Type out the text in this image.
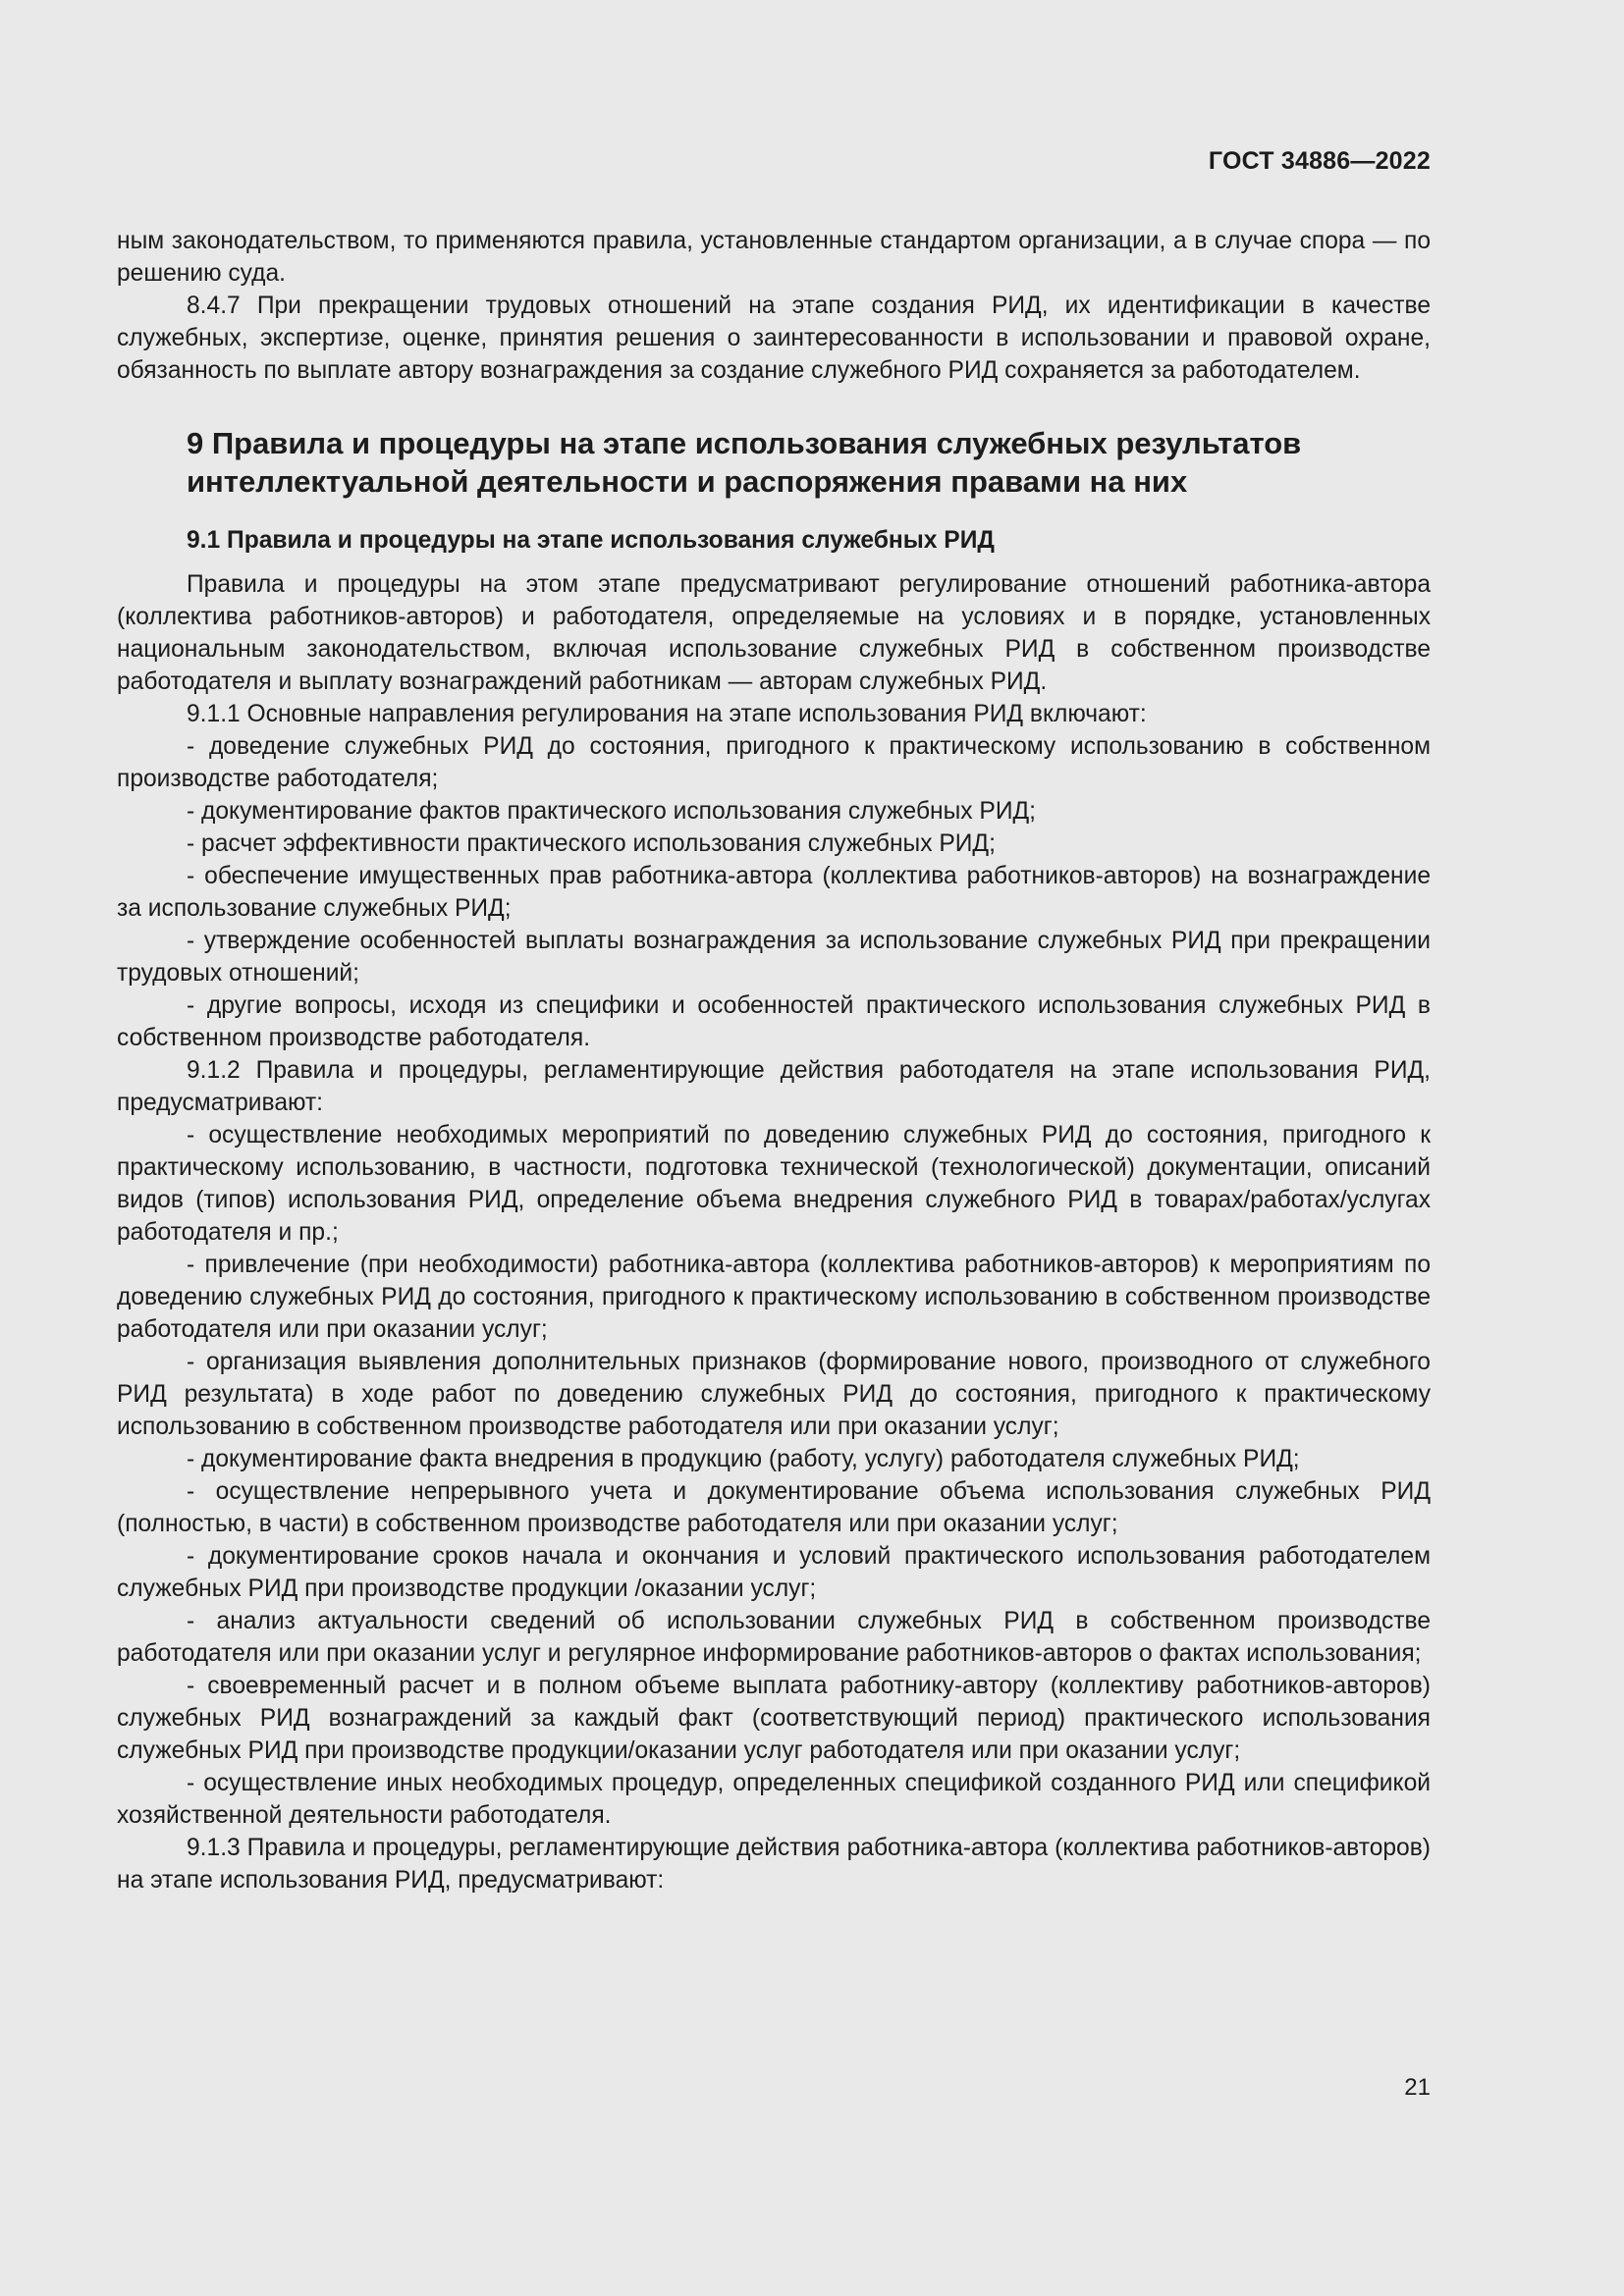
ГОСТ 34886—2022

ным законодательством, то применяются правила, установленные стандартом организации, а в случае спора — по решению суда.

8.4.7 При прекращении трудовых отношений на этапе создания РИД, их идентификации в качестве служебных, экспертизе, оценке, принятия решения о заинтересованности в использовании и правовой охране, обязанность по выплате автору вознаграждения за создание служебного РИД сохраняется за работодателем.

9 Правила и процедуры на этапе использования служебных результатов интеллектуальной деятельности и распоряжения правами на них
9.1 Правила и процедуры на этапе использования служебных РИД

Правила и процедуры на этом этапе предусматривают регулирование отношений работника-автора (коллектива работников-авторов) и работодателя, определяемые на условиях и в порядке, установленных национальным законодательством, включая использование служебных РИД в собственном производстве работодателя и выплату вознаграждений работникам — авторам служебных РИД.

9.1.1 Основные направления регулирования на этапе использования РИД включают:

- доведение служебных РИД до состояния, пригодного к практическому использованию в собственном производстве работодателя;

- документирование фактов практического использования служебных РИД;

- расчет эффективности практического использования служебных РИД;

- обеспечение имущественных прав работника-автора (коллектива работников-авторов) на вознаграждение за использование служебных РИД;

- утверждение особенностей выплаты вознаграждения за использование служебных РИД при прекращении трудовых отношений;

- другие вопросы, исходя из специфики и особенностей практического использования служебных РИД в собственном производстве работодателя.

9.1.2 Правила и процедуры, регламентирующие действия работодателя на этапе использования РИД, предусматривают:

- осуществление необходимых мероприятий по доведению служебных РИД до состояния, пригодного к практическому использованию, в частности, подготовка технической (технологической) документации, описаний видов (типов) использования РИД, определение объема внедрения служебного РИД в товарах/работах/услугах работодателя и пр.;

- привлечение (при необходимости) работника-автора (коллектива работников-авторов) к мероприятиям по доведению служебных РИД до состояния, пригодного к практическому использованию в собственном производстве работодателя или при оказании услуг;

- организация выявления дополнительных признаков (формирование нового, производного от служебного РИД результата) в ходе работ по доведению служебных РИД до состояния, пригодного к практическому использованию в собственном производстве работодателя или при оказании услуг;

- документирование факта внедрения в продукцию (работу, услугу) работодателя служебных РИД;

- осуществление непрерывного учета и документирование объема использования служебных РИД (полностью, в части) в собственном производстве работодателя или при оказании услуг;

- документирование сроков начала и окончания и условий практического использования работодателем служебных РИД при производстве продукции /оказании услуг;

- анализ актуальности сведений об использовании служебных РИД в собственном производстве работодателя или при оказании услуг и регулярное информирование работников-авторов о фактах использования;

- своевременный расчет и в полном объеме выплата работнику-автору (коллективу работников-авторов) служебных РИД вознаграждений за каждый факт (соответствующий период) практического использования служебных РИД при производстве продукции/оказании услуг работодателя или при оказании услуг;

- осуществление иных необходимых процедур, определенных спецификой созданного РИД или спецификой хозяйственной деятельности работодателя.

9.1.3 Правила и процедуры, регламентирующие действия работника-автора (коллектива работников-авторов) на этапе использования РИД, предусматривают:

21
